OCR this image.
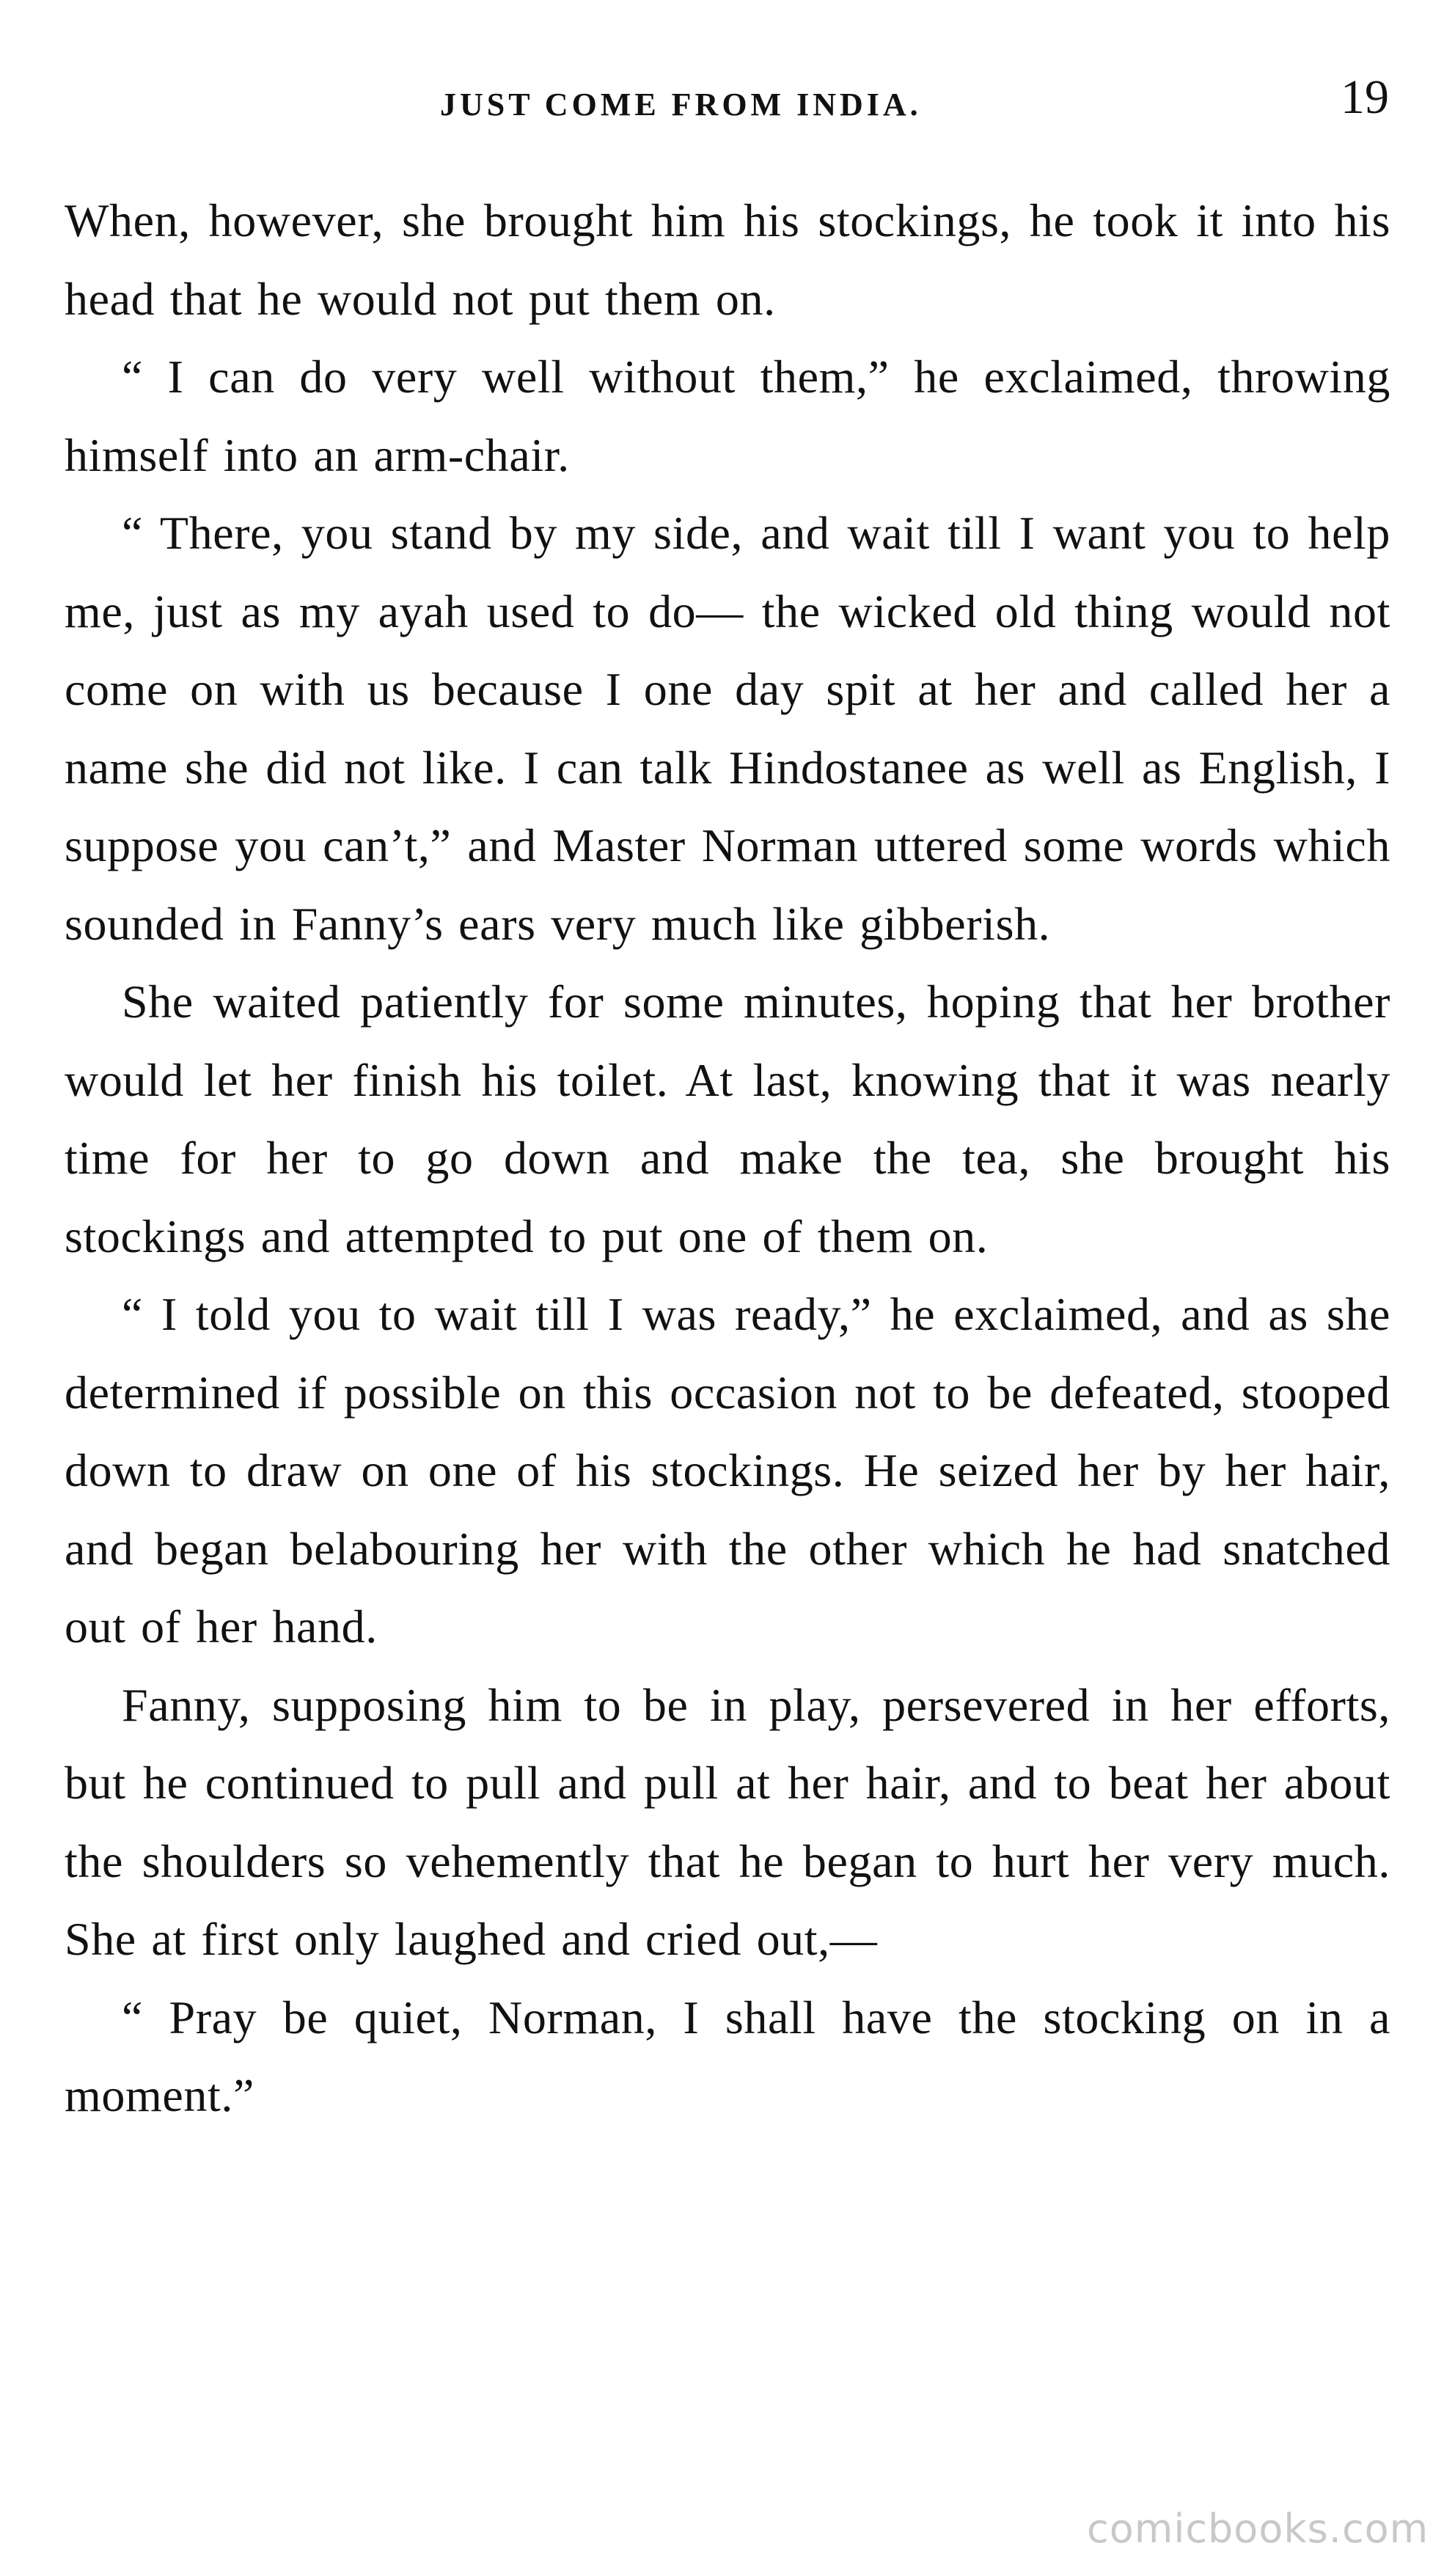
JUST COME FROM INDIA.	19

When, however, she brought him his stockings, he took it into his head that he would not put them on.

“ I can do very well without them,” he exclaimed, throwing himself into an arm-chair.

“ There, you stand by my side, and wait till I want you to help me, just as my ayah used to do— the wicked old thing would not come on with us because I one day spit at her and called her a name she did not like. I can talk Hindostanee as well as English, I suppose you can’t,” and Master Norman uttered some words which sounded in Fanny’s ears very much like gibberish.

She waited patiently for some minutes, hoping that her brother would let her finish his toilet. At last, knowing that it was nearly time for her to go down and make the tea, she brought his stockings and attempted to put one of them on.

“ I told you to wait till I was ready,” he exclaimed, and as she determined if possible on this occasion not to be defeated, stooped down to draw on one of his stockings. He seized her by her hair, and began belabouring her with the other which he had snatched out of her hand.

Fanny, supposing him to be in play, persevered in her efforts, but he continued to pull and pull at her hair, and to beat her about the shoulders so vehemently that he began to hurt her very much. She at first only laughed and cried out,—

“ Pray be quiet, Norman, I shall have the stocking on in a moment.”

comicbooks.com
